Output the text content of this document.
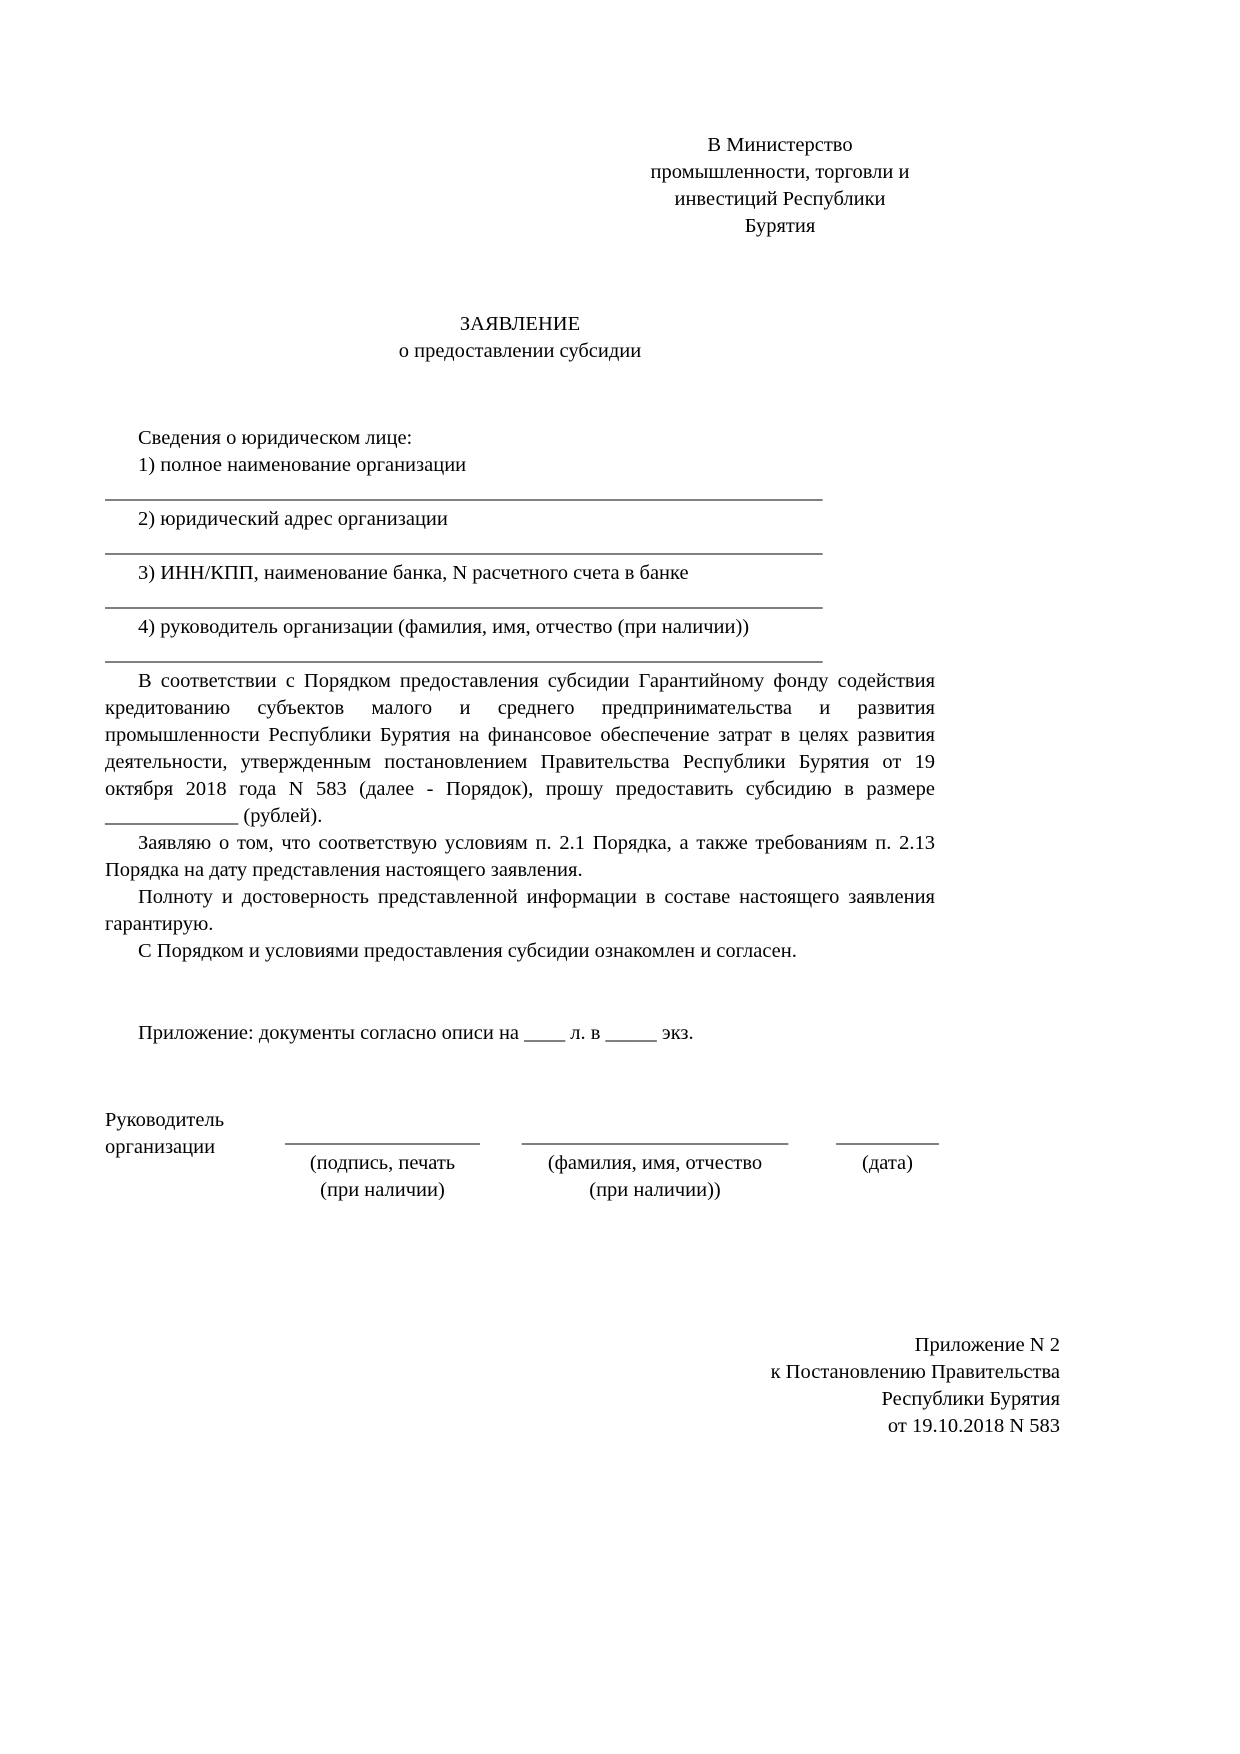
В Министерство
промышленности, торговли и
инвестиций Республики
Бурятия
ЗАЯВЛЕНИЕ
о предоставлении субсидии
Сведения о юридическом лице:
1) полное наименование организации
______________________________________________________________________
2) юридический адрес организации
______________________________________________________________________
3) ИНН/КПП, наименование банка, N расчетного счета в банке
______________________________________________________________________
4) руководитель организации (фамилия, имя, отчество (при наличии))
______________________________________________________________________
В соответствии с Порядком предоставления субсидии Гарантийному фонду содействия кредитованию субъектов малого и среднего предпринимательства и развития промышленности Республики Бурятия на финансовое обеспечение затрат в целях развития деятельности, утвержденным постановлением Правительства Республики Бурятия от 19 октября 2018 года N 583 (далее - Порядок), прошу предоставить субсидию в размере _____________ (рублей).
Заявляю о том, что соответствую условиям п. 2.1 Порядка, а также требованиям п. 2.13 Порядка на дату представления настоящего заявления.
Полноту и достоверность представленной информации в составе настоящего заявления гарантирую.
С Порядком и условиями предоставления субсидии ознакомлен и согласен.
Приложение: документы согласно описи на ____ л. в _____ экз.
Руководитель
организации	___________________
(подпись, печать
(при наличии)
__________________________
(фамилия, имя, отчество
(при наличии))
__________
(дата)
Приложение N 2
к Постановлению Правительства
Республики Бурятия
от 19.10.2018 N 583
